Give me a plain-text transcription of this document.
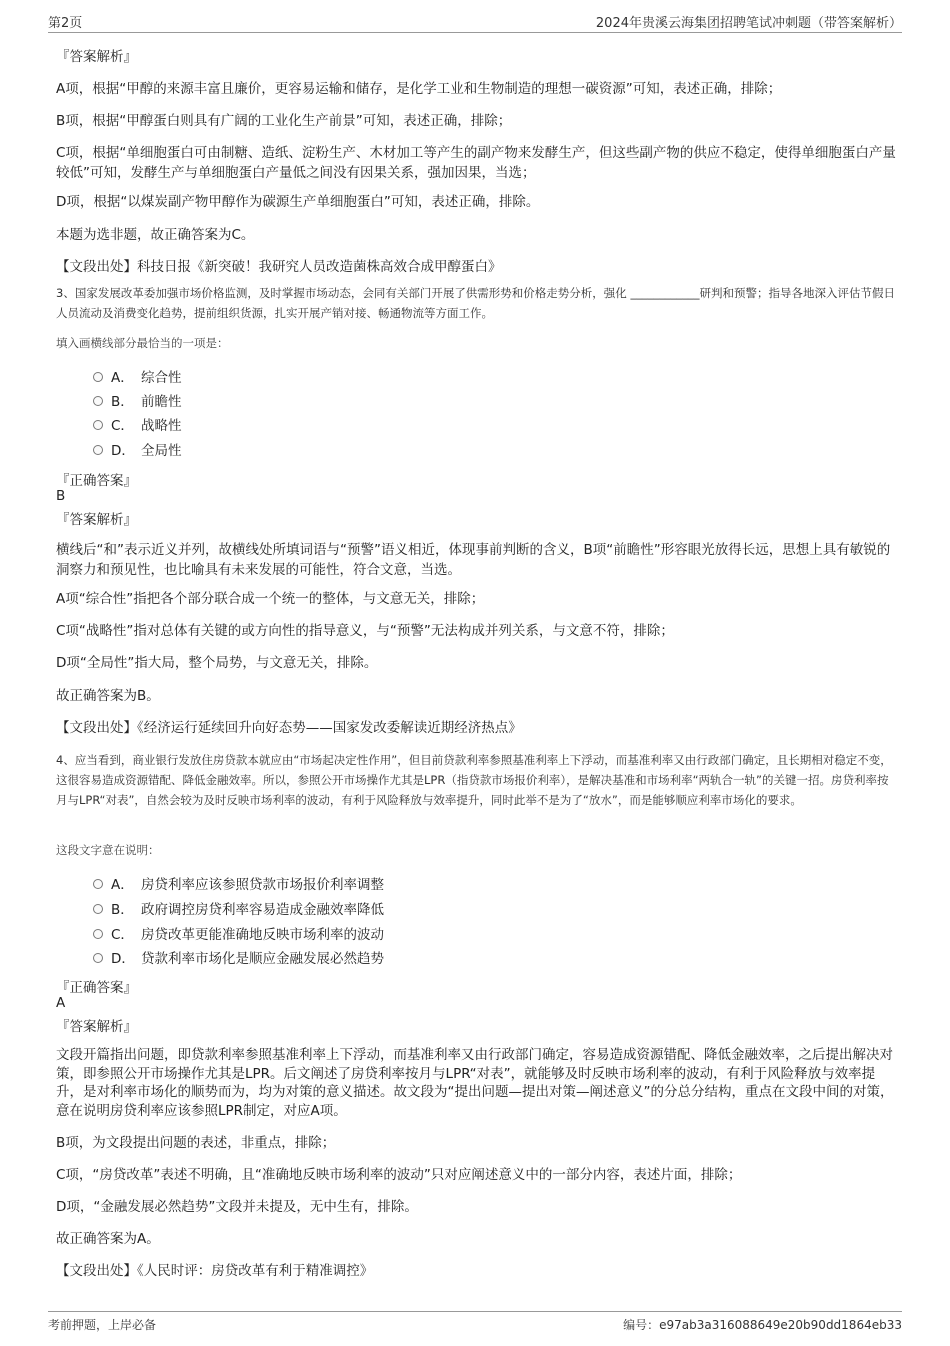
第2页	2024年贵溪云海集团招聘笔试冲刺题（带答案解析）
『答案解析』
A项，根据“甲醇的来源丰富且廉价，更容易运输和储存，是化学工业和生物制造的理想一碳资源”可知，表述正确，排除；
B项，根据“甲醇蛋白则具有广阔的工业化生产前景”可知，表述正确，排除；
C项，根据“单细胞蛋白可由制糖、造纸、淀粉生产、木材加工等产生的副产物来发酵生产，但这些副产物的供应不稳定，使得单细胞蛋白产量较低”可知，发酵生产与单细胞蛋白产量低之间没有因果关系，强加因果，当选；
D项，根据“以煤炭副产物甲醇作为碳源生产单细胞蛋白”可知，表述正确，排除。
本题为选非题，故正确答案为C。
【文段出处】科技日报《新突破！我研究人员改造菌株高效合成甲醇蛋白》
3、国家发展改革委加强市场价格监测，及时掌握市场动态，会同有关部门开展了供需形势和价格走势分析，强化 ____________研判和预警；指导各地深入评估节假日人员流动及消费变化趋势，提前组织货源，扎实开展产销对接、畅通物流等方面工作。
填入画横线部分最恰当的一项是：
A． 综合性
B． 前瞻性
C． 战略性
D． 全局性
『正确答案』
B
『答案解析』
横线后“和”表示近义并列，故横线处所填词语与“预警”语义相近，体现事前判断的含义，B项“前瞻性”形容眼光放得长远，思想上具有敏锐的洞察力和预见性，也比喻具有未来发展的可能性，符合文意，当选。
A项“综合性”指把各个部分联合成一个统一的整体，与文意无关，排除；
C项“战略性”指对总体有关键的或方向性的指导意义，与“预警”无法构成并列关系，与文意不符，排除；
D项“全局性”指大局，整个局势，与文意无关，排除。
故正确答案为B。
【文段出处】《经济运行延续回升向好态势——国家发改委解读近期经济热点》
4、应当看到，商业银行发放住房贷款本就应由“市场起决定性作用”，但目前贷款利率参照基准利率上下浮动，而基准利率又由行政部门确定，且长期相对稳定不变，这很容易造成资源错配、降低金融效率。所以，参照公开市场操作尤其是LPR（指贷款市场报价利率），是解决基准和市场利率“两轨合一轨”的关键一招。房贷利率按月与LPR“对表”，自然会较为及时反映市场利率的波动，有利于风险释放与效率提升，同时此举不是为了“放水”，而是能够顺应利率市场化的要求。
这段文字意在说明：
A． 房贷利率应该参照贷款市场报价利率调整
B． 政府调控房贷利率容易造成金融效率降低
C． 房贷改革更能准确地反映市场利率的波动
D． 贷款利率市场化是顺应金融发展必然趋势
『正确答案』
A
『答案解析』
文段开篇指出问题，即贷款利率参照基准利率上下浮动，而基准利率又由行政部门确定，容易造成资源错配、降低金融效率，之后提出解决对策，即参照公开市场操作尤其是LPR。后文阐述了房贷利率按月与LPR“对表”，就能够及时反映市场利率的波动，有利于风险释放与效率提升，是对利率市场化的顺势而为，均为对策的意义描述。故文段为“提出问题—提出对策—阐述意义”的分总分结构，重点在文段中间的对策，意在说明房贷利率应该参照LPR制定，对应A项。
B项，为文段提出问题的表述，非重点，排除；
C项，“房贷改革”表述不明确，且“准确地反映市场利率的波动”只对应阐述意义中的一部分内容，表述片面，排除；
D项，“金融发展必然趋势”文段并未提及，无中生有，排除。
故正确答案为A。
【文段出处】《人民时评：房贷改革有利于精准调控》
考前押题，上岸必备	编号：e97ab3a316088649e20b90dd1864eb33
